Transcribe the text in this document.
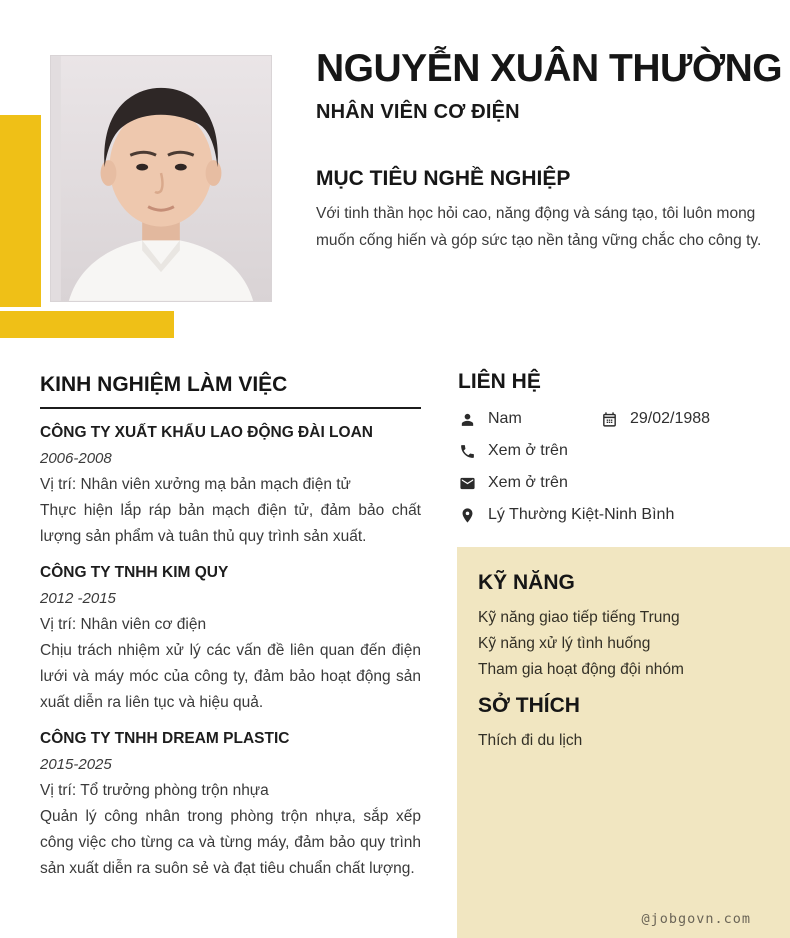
NGUYỄN XUÂN THƯỜNG
NHÂN VIÊN CƠ ĐIỆN
MỤC TIÊU NGHỀ NGHIỆP
Với tinh thần học hỏi cao, năng động và sáng tạo, tôi luôn mong muốn cống hiến và góp sức tạo nền tảng vững chắc cho công ty.
KINH NGHIỆM LÀM VIỆC
CÔNG TY XUẤT KHẨU LAO ĐỘNG ĐÀI LOAN
2006-2008
Vị trí: Nhân viên xưởng mạ bản mạch điện tử
Thực hiện lắp ráp bản mạch điện tử, đảm bảo chất lượng sản phẩm và tuân thủ quy trình sản xuất.
CÔNG TY TNHH KIM QUY
2012 -2015
Vị trí: Nhân viên cơ điện
Chịu trách nhiệm xử lý các vấn đề liên quan đến điện lưới và máy móc của công ty, đảm bảo hoạt động sản xuất diễn ra liên tục và hiệu quả.
CÔNG TY TNHH DREAM PLASTIC
2015-2025
Vị trí: Tổ trưởng phòng trộn nhựa
Quản lý công nhân trong phòng trộn nhựa, sắp xếp công việc cho từng ca và từng máy, đảm bảo quy trình sản xuất diễn ra suôn sẻ và đạt tiêu chuẩn chất lượng.
LIÊN HỆ
Nam	29/02/1988
Xem ở trên
Xem ở trên
Lý Thường Kiệt-Ninh Bình
KỸ NĂNG
Kỹ năng giao tiếp tiếng Trung
Kỹ năng xử lý tình huống
Tham gia hoạt động đội nhóm
SỞ THÍCH
Thích đi du lịch
@jobgovn.com
